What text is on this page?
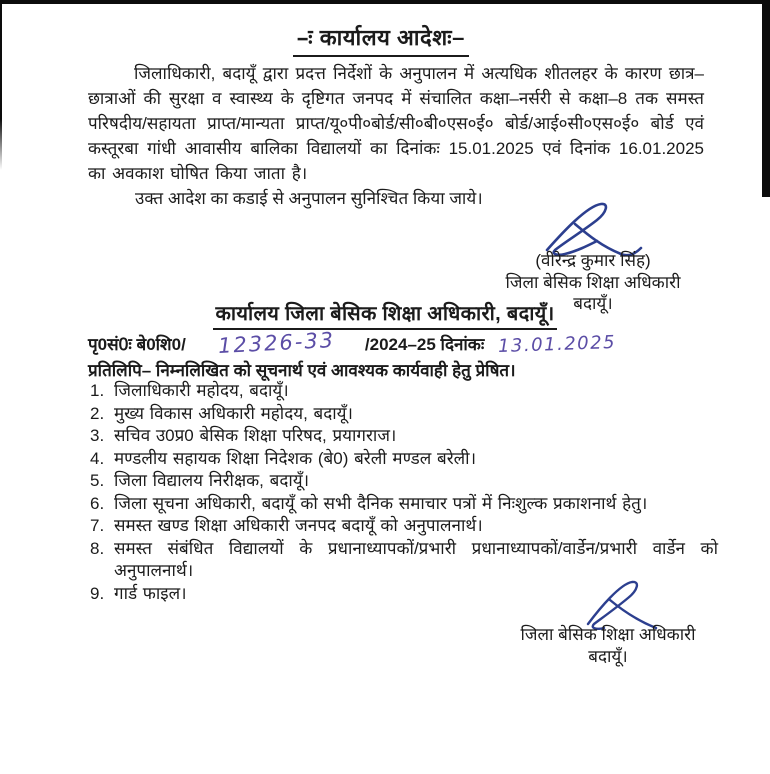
–ः कार्यालय आदेशः–
जिलाधिकारी, बदायूँ द्वारा प्रदत्त निर्देशों के अनुपालन में अत्यधिक शीतलहर के कारण छात्र–छात्राओं की सुरक्षा व स्वास्थ्य के दृष्टिगत जनपद में संचालित कक्षा–नर्सरी से कक्षा–8 तक समस्त परिषदीय/सहायता प्राप्त/मान्यता प्राप्त/यू०पी०बोर्ड/सी०बी०एस०ई० बोर्ड/आई०सी०एस०ई० बोर्ड एवं कस्तूरबा गांधी आवासीय बालिका विद्यालयों का दिनांकः 15.01.2025 एवं दिनांक 16.01.2025 का अवकाश घोषित किया जाता है।
उक्त आदेश का कडाई से अनुपालन सुनिश्चित किया जाये।
(वीरेन्द्र कुमार सिंह)
जिला बेसिक शिक्षा अधिकारी
बदायूँ।
कार्यालय जिला बेसिक शिक्षा अधिकारी, बदायूँ।
पृ0सं0ः बे0शि0/ 12326-33 /2024–25 दिनांकः 13.01.2025
प्रतिलिपि– निम्नलिखित को सूचनार्थ एवं आवश्यक कार्यवाही हेतु प्रेषित।
1. जिलाधिकारी महोदय, बदायूँ।
2. मुख्य विकास अधिकारी महोदय, बदायूँ।
3. सचिव उ0प्र0 बेसिक शिक्षा परिषद, प्रयागराज।
4. मण्डलीय सहायक शिक्षा निदेशक (बे0) बरेली मण्डल बरेली।
5. जिला विद्यालय निरीक्षक, बदायूँ।
6. जिला सूचना अधिकारी, बदायूँ को सभी दैनिक समाचार पत्रों में निःशुल्क प्रकाशनार्थ हेतु।
7. समस्त खण्ड शिक्षा अधिकारी जनपद बदायूँ को अनुपालनार्थ।
8. समस्त संबंधित विद्यालयों के प्रधानाध्यापकों/प्रभारी प्रधानाध्यापकों/वार्डेन/प्रभारी वार्डेन को अनुपालनार्थ।
9. गार्ड फाइल।
जिला बेसिक शिक्षा अधिकारी
बदायूँ।
